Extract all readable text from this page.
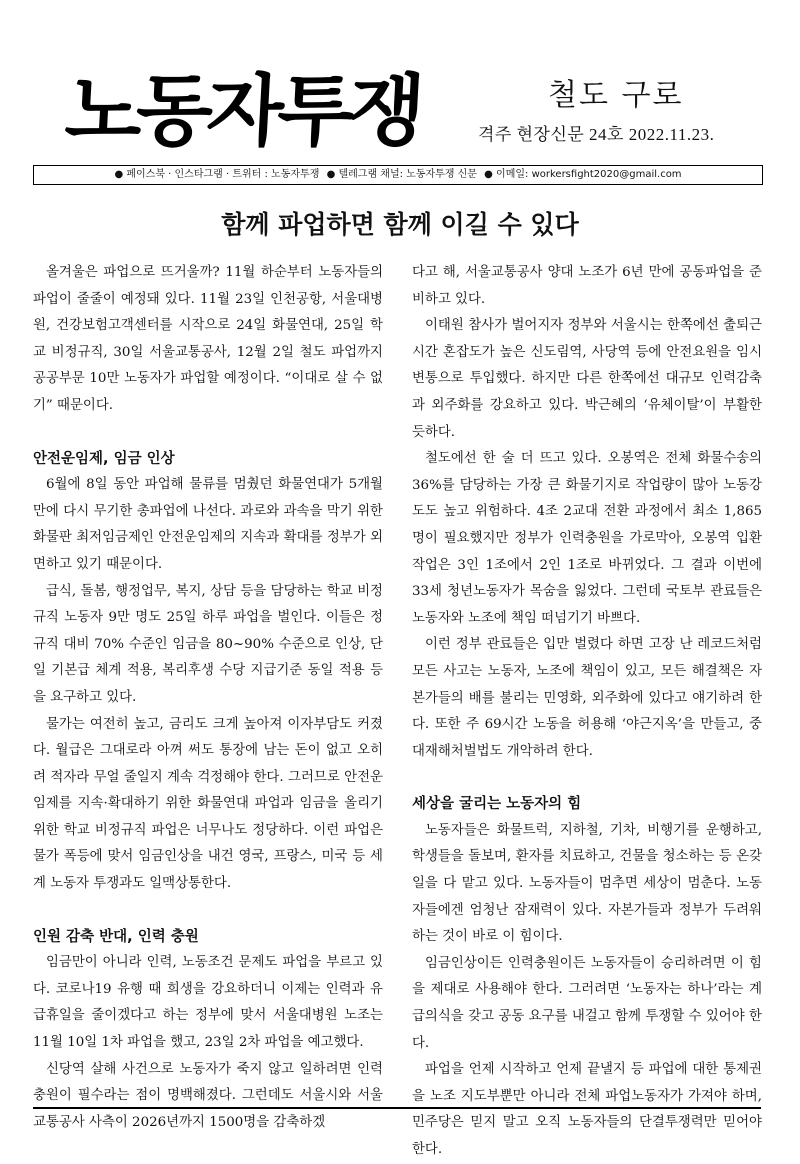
노동자투쟁	철도 구로
격주 현장신문 24호 2022.11.23.
● 페이스북 · 인스타그램 · 트위터 : 노동자투쟁 ● 텔레그램 채널: 노동자투쟁 신문 ● 이메일: workersfight2020@gmail.com
함께 파업하면 함께 이길 수 있다

올겨울은 파업으로 뜨거울까? 11월 하순부터 노동자들의 파업이 줄줄이 예정돼 있다. 11월 23일 인천공항, 서울대병원, 건강보험고객센터를 시작으로 24일 화물연대, 25일 학교 비정규직, 30일 서울교통공사, 12월 2일 철도 파업까지 공공부문 10만 노동자가 파업할 예정이다. “이대로 살 수 없기” 때문이다.

안전운임제, 임금 인상

6월에 8일 동안 파업해 물류를 멈췄던 화물연대가 5개월 만에 다시 무기한 총파업에 나선다. 과로와 과속을 막기 위한 화물판 최저임금제인 안전운임제의 지속과 확대를 정부가 외면하고 있기 때문이다.

급식, 돌봄, 행정업무, 복지, 상담 등을 담당하는 학교 비정규직 노동자 9만 명도 25일 하루 파업을 벌인다. 이들은 정규직 대비 70% 수준인 임금을 80~90% 수준으로 인상, 단일 기본급 체계 적용, 복리후생 수당 지급기준 동일 적용 등을 요구하고 있다.

물가는 여전히 높고, 금리도 크게 높아져 이자부담도 커졌다. 월급은 그대로라 아껴 써도 통장에 남는 돈이 없고 오히려 적자라 무얼 줄일지 계속 걱정해야 한다. 그러므로 안전운임제를 지속·확대하기 위한 화물연대 파업과 임금을 올리기 위한 학교 비정규직 파업은 너무나도 정당하다. 이런 파업은 물가 폭등에 맞서 임금인상을 내건 영국, 프랑스, 미국 등 세계 노동자 투쟁과도 일맥상통한다.

인원 감축 반대, 인력 충원

임금만이 아니라 인력, 노동조건 문제도 파업을 부르고 있다. 코로나19 유행 때 희생을 강요하더니 이제는 인력과 유급휴일을 줄이겠다고 하는 정부에 맞서 서울대병원 노조는 11월 10일 1차 파업을 했고, 23일 2차 파업을 예고했다.

신당역 살해 사건으로 노동자가 죽지 않고 일하려면 인력충원이 필수라는 점이 명백해졌다. 그런데도 서울시와 서울교통공사 사측이 2026년까지 1500명을 감축하겠

다고 해, 서울교통공사 양대 노조가 6년 만에 공동파업을 준비하고 있다.

이태원 참사가 벌어지자 정부와 서울시는 한쪽에선 출퇴근 시간 혼잡도가 높은 신도림역, 사당역 등에 안전요원을 임시변통으로 투입했다. 하지만 다른 한쪽에선 대규모 인력감축과 외주화를 강요하고 있다. 박근혜의 ‘유체이탈’이 부활한 듯하다.

철도에선 한 술 더 뜨고 있다. 오봉역은 전체 화물수송의 36%를 담당하는 가장 큰 화물기지로 작업량이 많아 노동강도도 높고 위험하다. 4조 2교대 전환 과정에서 최소 1,865명이 필요했지만 정부가 인력충원을 가로막아, 오봉역 입환 작업은 3인 1조에서 2인 1조로 바뀌었다. 그 결과 이번에 33세 청년노동자가 목숨을 잃었다. 그런데 국토부 관료들은 노동자와 노조에 책임 떠넘기기 바쁘다.

이런 정부 관료들은 입만 벌렸다 하면 고장 난 레코드처럼 모든 사고는 노동자, 노조에 책임이 있고, 모든 해결책은 자본가들의 배를 불리는 민영화, 외주화에 있다고 얘기하려 한다. 또한 주 69시간 노동을 허용해 ‘야근지옥’을 만들고, 중대재해처벌법도 개악하려 한다.

세상을 굴리는 노동자의 힘

노동자들은 화물트럭, 지하철, 기차, 비행기를 운행하고, 학생들을 돌보며, 환자를 치료하고, 건물을 청소하는 등 온갖 일을 다 맡고 있다. 노동자들이 멈추면 세상이 멈춘다. 노동자들에겐 엄청난 잠재력이 있다. 자본가들과 정부가 두려워하는 것이 바로 이 힘이다.

임금인상이든 인력충원이든 노동자들이 승리하려면 이 힘을 제대로 사용해야 한다. 그러려면 ‘노동자는 하나’라는 계급의식을 갖고 공동 요구를 내걸고 함께 투쟁할 수 있어야 한다.

파업을 언제 시작하고 언제 끝낼지 등 파업에 대한 통제권을 노조 지도부뿐만 아니라 전체 파업노동자가 가져야 하며, 민주당은 믿지 말고 오직 노동자들의 단결투쟁력만 믿어야 한다.
